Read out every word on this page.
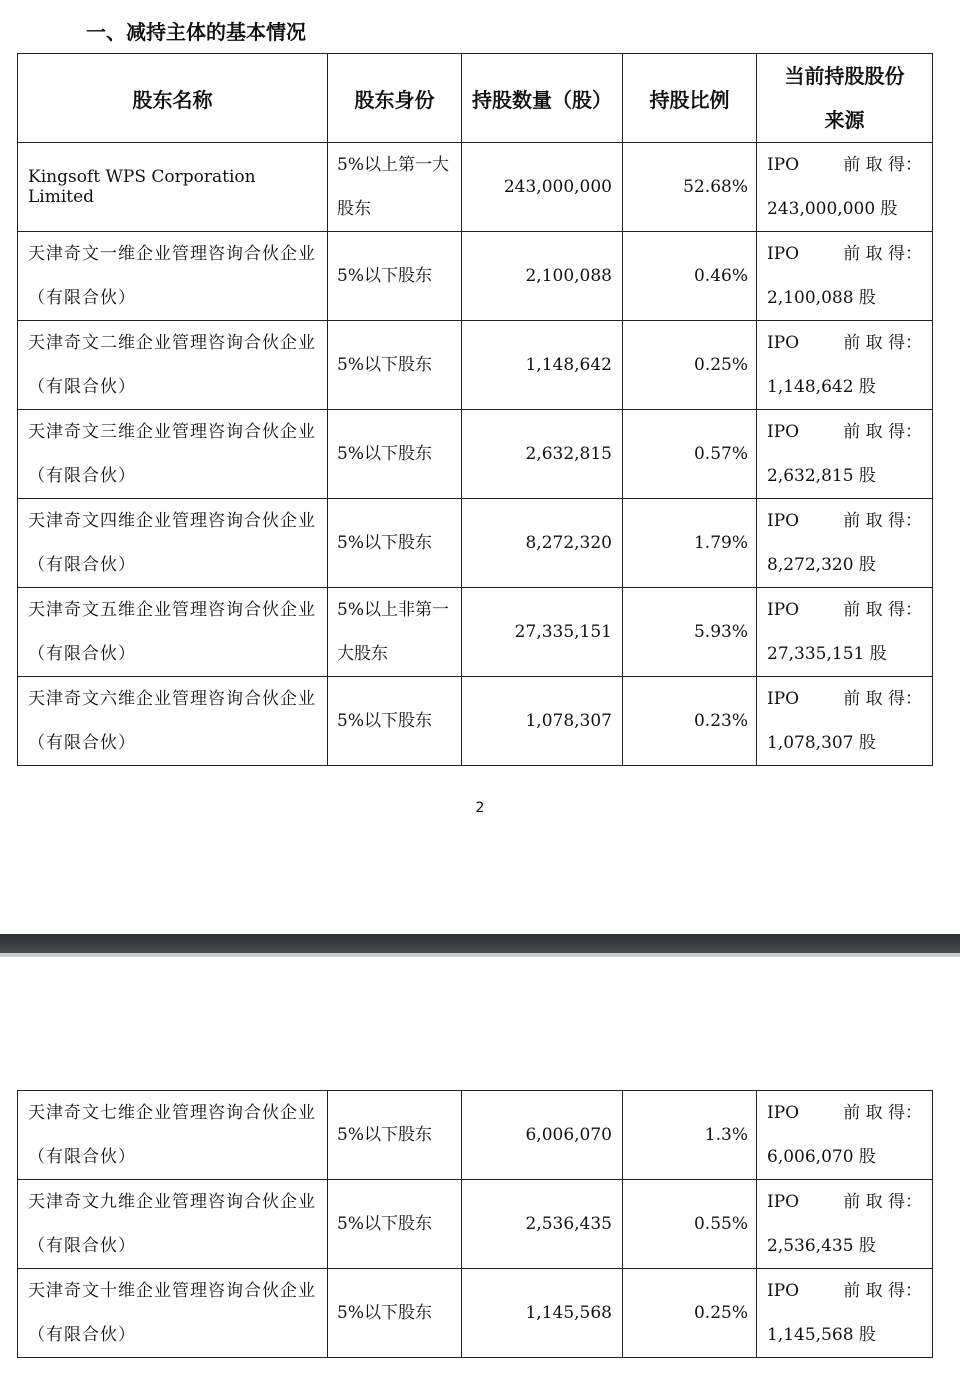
一、减持主体的基本情况
股东名称	股东身份	持股数量（股）	持股比例	当前持股股份
来源
Kingsoft WPS Corporation Limited	5%以上第一大股东	243,000,000	52.68%	IPO 前 取 得：
243,000,000 股

天津奇文一维企业管理咨询合伙企业（有限合伙）	5%以下股东	2,100,088	0.46%	IPO 前 取 得：
2,100,088 股

天津奇文二维企业管理咨询合伙企业（有限合伙）	5%以下股东	1,148,642	0.25%	IPO 前 取 得：
1,148,642 股

天津奇文三维企业管理咨询合伙企业（有限合伙）	5%以下股东	2,632,815	0.57%	IPO 前 取 得：
2,632,815 股

天津奇文四维企业管理咨询合伙企业（有限合伙）	5%以下股东	8,272,320	1.79%	IPO 前 取 得：
8,272,320 股

天津奇文五维企业管理咨询合伙企业（有限合伙）	5%以上非第一大股东	27,335,151	5.93%	IPO 前 取 得：
27,335,151 股

天津奇文六维企业管理咨询合伙企业（有限合伙）	5%以下股东	1,078,307	0.23%	IPO 前 取 得：
1,078,307 股
2
天津奇文七维企业管理咨询合伙企业（有限合伙）	5%以下股东	6,006,070	1.3%	IPO 前 取 得：
6,006,070 股

天津奇文九维企业管理咨询合伙企业（有限合伙）	5%以下股东	2,536,435	0.55%	IPO 前 取 得：
2,536,435 股

天津奇文十维企业管理咨询合伙企业（有限合伙）	5%以下股东	1,145,568	0.25%	IPO 前 取 得：
1,145,568 股
